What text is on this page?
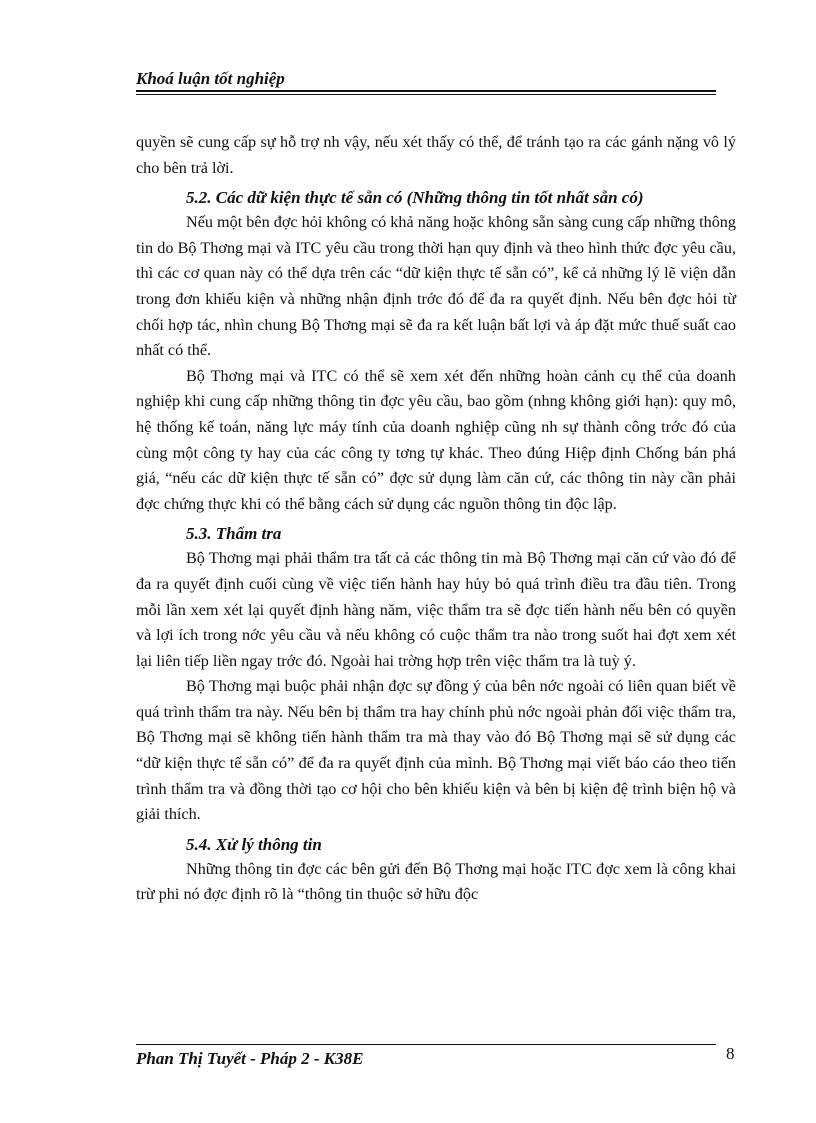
Khoá luận tốt nghiệp

quyền sẽ cung cấp sự hỗ trợ nh vậy, nếu xét thấy có thể, để tránh tạo ra các gánh nặng vô lý cho bên trả lời.

5.2. Các dữ kiện thực tế sẵn có (Những thông tin tốt nhất sẵn có)

Nếu một bên đợc hỏi không có khả năng hoặc không sẵn sàng cung cấp những thông tin do Bộ Thơng mại và ITC yêu cầu trong thời hạn quy định và theo hình thức đợc yêu cầu, thì các cơ quan này có thể dựa trên các “dữ kiện thực tế sẵn có”, kể cả những lý lẽ viện dẫn trong đơn khiếu kiện và những nhận định trớc đó để đa ra quyết định. Nếu bên đợc hỏi từ chối hợp tác, nhìn chung Bộ Thơng mại sẽ đa ra kết luận bất lợi và áp đặt mức thuế suất cao nhất có thể.

Bộ Thơng mại và ITC có thể sẽ xem xét đến những hoàn cảnh cụ thể của doanh nghiệp khi cung cấp những thông tin đợc yêu cầu, bao gồm (nhng không giới hạn): quy mô, hệ thống kế toán, năng lực máy tính của doanh nghiệp cũng nh sự thành công trớc đó của cùng một công ty hay của các công ty tơng tự khác. Theo đúng Hiệp định Chống bán phá giá, “nếu các dữ kiện thực tế sẵn có” đợc sử dụng làm căn cứ, các thông tin này cần phải đợc chứng thực khi có thể bằng cách sử dụng các nguồn thông tin độc lập.

5.3. Thẩm tra

Bộ Thơng mại phải thẩm tra tất cả các thông tin mà Bộ Thơng mại căn cứ vào đó để đa ra quyết định cuối cùng về việc tiến hành hay hủy bỏ quá trình điều tra đầu tiên. Trong mỗi lần xem xét lại quyết định hàng năm, việc thẩm tra sẽ đợc tiến hành nếu bên có quyền và lợi ích trong nớc yêu cầu và nếu không có cuộc thẩm tra nào trong suốt hai đợt xem xét lại liên tiếp liền ngay trớc đó. Ngoài hai trờng hợp trên việc thẩm tra là tuỳ ý.

Bộ Thơng mại buộc phải nhận đợc sự đồng ý của bên nớc ngoài có liên quan biết về quá trình thẩm tra này. Nếu bên bị thẩm tra hay chính phủ nớc ngoài phản đối việc thẩm tra, Bộ Thơng mại sẽ không tiến hành thẩm tra mà thay vào đó Bộ Thơng mại sẽ sử dụng các “dữ kiện thực tế sẵn có” để đa ra quyết định của mình. Bộ Thơng mại viết báo cáo theo tiến trình thẩm tra và đồng thời tạo cơ hội cho bên khiếu kiện và bên bị kiện đệ trình biện hộ và giải thích.

5.4. Xử lý thông tin

Những thông tin đợc các bên gửi đến Bộ Thơng mại hoặc ITC đợc xem là công khai trừ phi nó đợc định rõ là “thông tin thuộc sở hữu độc

Phan Thị Tuyết - Pháp 2 - K38E	8
